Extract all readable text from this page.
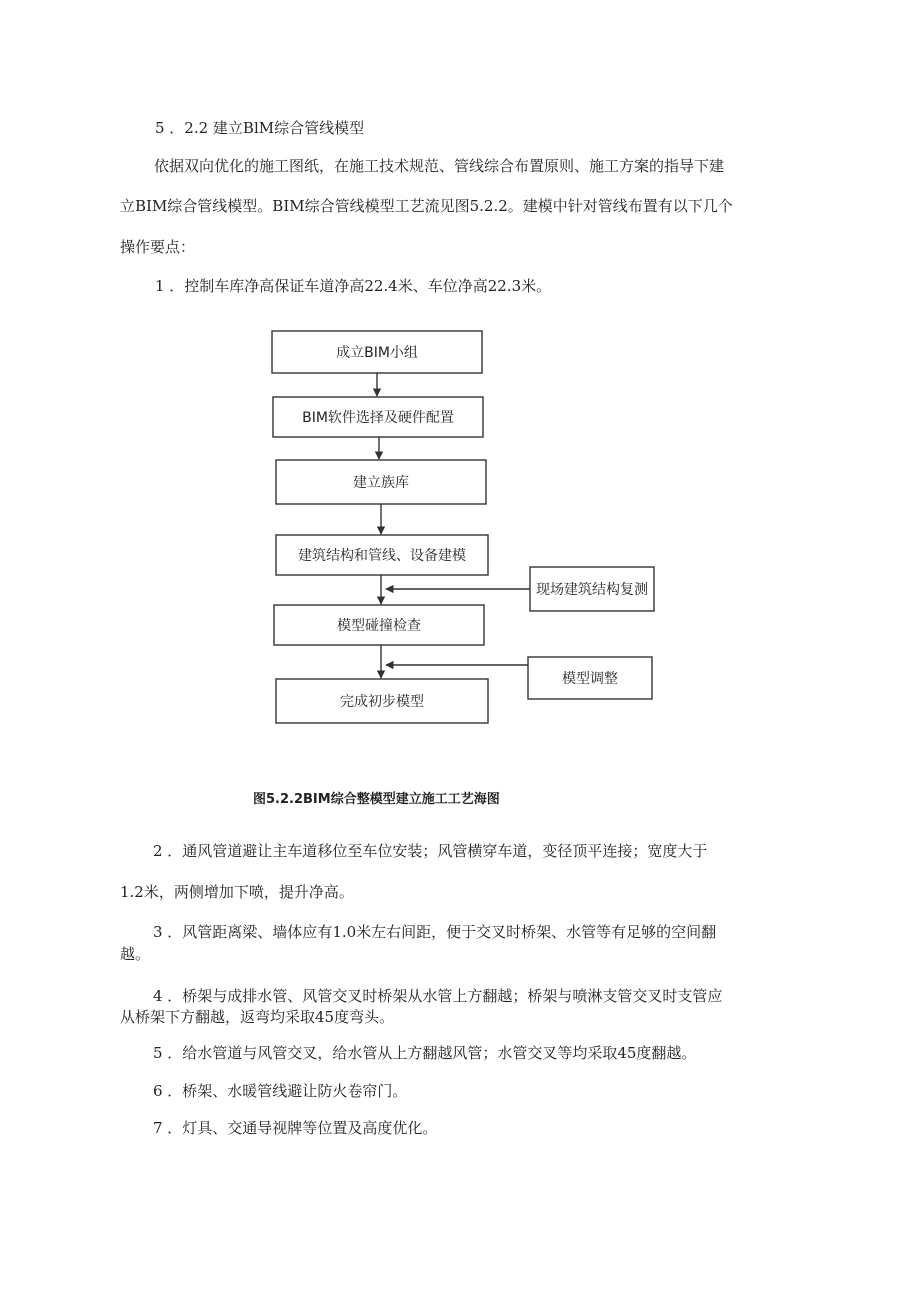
5 ．2.2 建立BlM综合管线模型
依据双向优化的施工图纸，在施工技术规范、管线综合布置原则、施工方案的指导下建
立BIM综合管线模型。BIM综合管线模型工艺流见图5.2.2。建模中针对管线布置有以下几个
操作要点：
1 ．控制车库净高保证车道净高22.4米、车位净高22.3米。
成立BIM小组
BIM软件选择及硬件配置
建立族库
建筑结构和管线、设备建模
模型碰撞检查
完成初步模型
现场建筑结构复测
模型调整
图5.2.2BIM综合整模型建立施工工艺海图
2 ．通风管道避让主车道移位至车位安装；风管横穿车道，变径顶平连接；宽度大于
1.2米，两侧增加下喷，提升净高。
3 ．风管距离梁、墙体应有1.0米左右间距，便于交叉时桥架、水管等有足够的空间翻
越。
4 ．桥架与成排水管、风管交叉时桥架从水管上方翻越；桥架与喷淋支管交叉时支管应
从桥架下方翻越，返弯均采取45度弯头。
5 ．给水管道与风管交叉，给水管从上方翻越风管；水管交叉等均采取45度翻越。
6 ．桥架、水暖管线避让防火卷帘门。
7 ．灯具、交通导视牌等位置及高度优化。
